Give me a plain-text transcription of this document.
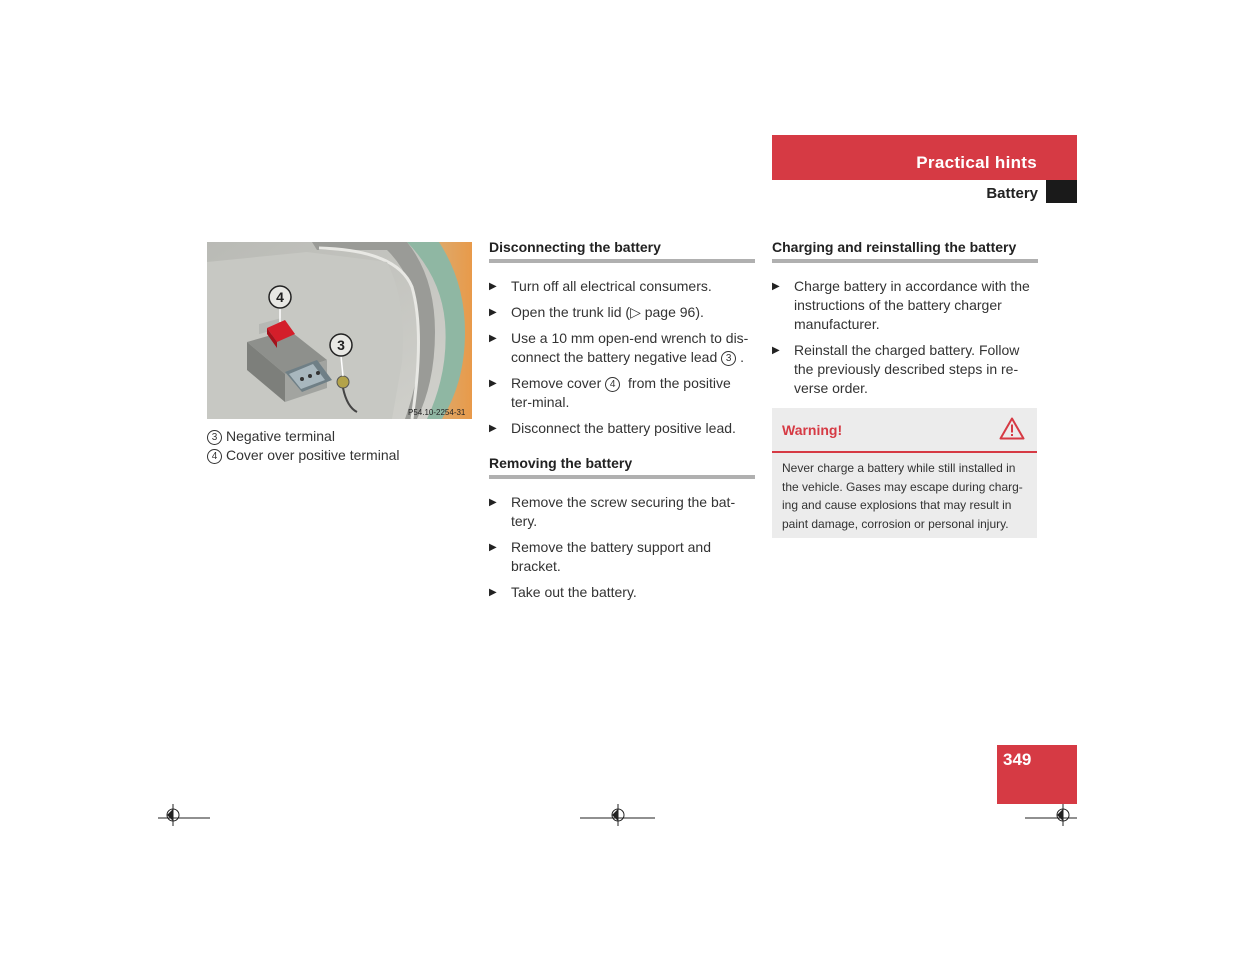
Practical hints
Battery
4
3
P54.10-2254-31
3 Negative terminal
4 Cover over positive terminal
Disconnecting the battery
▶ Turn off all electrical consumers.
▶ Open the trunk lid (▷ page 96).
▶ Use a 10 mm open-end wrench to dis-connect the battery negative lead 3 .
▶ Remove cover 4 from the positive ter-minal.
▶ Disconnect the battery positive lead.
Removing the battery
▶ Remove the screw securing the bat-tery.
▶ Remove the battery support and bracket.
▶ Take out the battery.
Charging and reinstalling the battery
▶ Charge battery in accordance with the instructions of the battery charger manufacturer.
▶ Reinstall the charged battery. Follow the previously described steps in re-verse order.
Warning!
Never charge a battery while still installed in the vehicle. Gases may escape during charg-ing and cause explosions that may result in paint damage, corrosion or personal injury.
349
